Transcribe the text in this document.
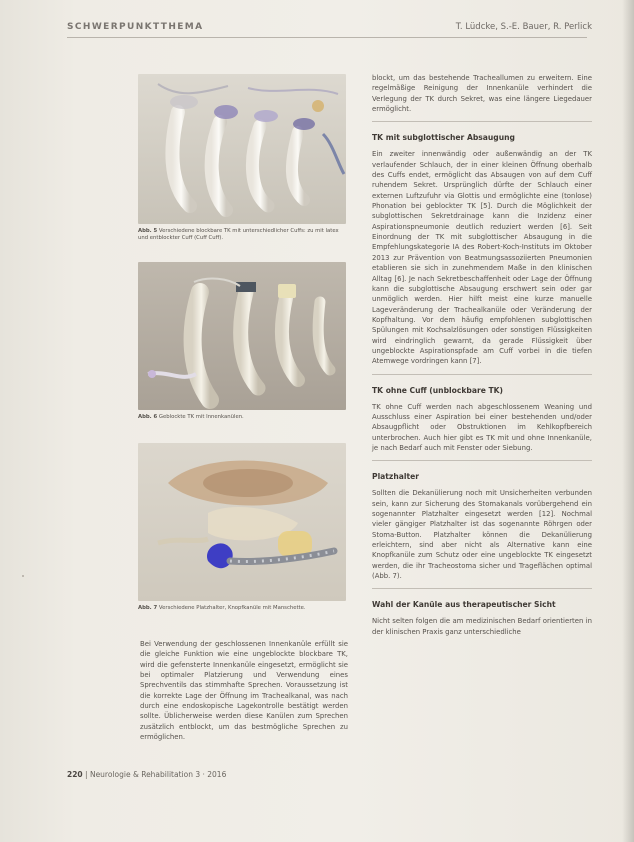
SCHWERPUNKTTHEMA	T. Lüdcke, S.-E. Bauer, R. Perlick
Abb. 5 Verschiedene blockbare TK mit unterschiedlicher Cuffs: zu mit latex und entblockter Cuff (Cuff Cuff).
Abb. 6 Geblockte TK mit Innenkanülen.
Abb. 7 Verschiedene Platzhalter, Knopfkanüle mit Manschette.

Bei Verwendung der geschlossenen Innenkanüle erfüllt sie die gleiche Funktion wie eine ungeblockte blockbare TK, wird die gefensterte Innenkanüle eingesetzt, ermöglicht sie bei optimaler Platzierung und Verwendung eines Sprechventils das stimmhafte Sprechen. Voraussetzung ist die korrekte Lage der Öffnung im Trachealkanal, was nach durch eine endoskopische Lagekontrolle bestätigt werden sollte. Üblicherweise werden diese Kanülen zum Sprechen zusätzlich entblockt, um das bestmögliche Sprechen zu ermöglichen.

blockt, um das bestehende Tracheallumen zu erweitern. Eine regelmäßige Reinigung der Innenkanüle verhindert die Verlegung der TK durch Sekret, was eine längere Liegedauer ermöglicht.

TK mit subglottischer Absaugung

Ein zweiter innenwändig oder außenwändig an der TK verlaufender Schlauch, der in einer kleinen Öffnung oberhalb des Cuffs endet, ermöglicht das Absaugen von auf dem Cuff ruhendem Sekret. Ursprünglich dürfte der Schlauch einer externen Luftzufuhr via Glottis und ermöglichte eine (tonlose) Phonation bei geblockter TK [5]. Durch die Möglichkeit der subglottischen Sekretdrainage kann die Inzidenz einer Aspirationspneumonie deutlich reduziert werden [6]. Seit Einordnung der TK mit subglottischer Absaugung in die Empfehlungskategorie IA des Robert-Koch-Instituts im Oktober 2013 zur Prävention von Beatmungsassoziierten Pneumonien etablieren sie sich in zunehmendem Maße in den klinischen Alltag [6]. Je nach Sekretbeschaffenheit oder Lage der Öffnung kann die subglottische Absaugung erschwert sein oder gar unmöglich werden. Hier hilft meist eine kurze manuelle Lageveränderung der Trachealkanüle oder Veränderung der Kopfhaltung. Vor dem häufig empfohlenen subglottischen Spülungen mit Kochsalzlösungen oder sonstigen Flüssigkeiten wird eindringlich gewarnt, da gerade Flüssigkeit über ungeblockte Aspirationspfade am Cuff vorbei in die tiefen Atemwege vordringen kann [7].

TK ohne Cuff (unblockbare TK)

TK ohne Cuff werden nach abgeschlossenem Weaning und Ausschluss einer Aspiration bei einer bestehenden und/oder Absaugpflicht oder Obstruktionen im Kehlkopfbereich unterbrochen. Auch hier gibt es TK mit und ohne Innenkanüle, je nach Bedarf auch mit Fenster oder Siebung.

Platzhalter

Sollten die Dekanülierung noch mit Unsicherheiten verbunden sein, kann zur Sicherung des Stomakanals vorübergehend ein sogenannter Platzhalter eingesetzt werden [12]. Nochmal vieler gängiger Platzhalter ist das sogenannte Röhrgen oder Stoma-Button. Platzhalter können die Dekanülierung erleichtern, sind aber nicht als Alternative kann eine Knopfkanüle zum Schutz oder eine ungeblockte TK eingesetzt werden, die ihr Tracheostoma sicher und Trageflächen optimal (Abb. 7).

Wahl der Kanüle aus therapeutischer Sicht

Nicht selten folgen die am medizinischen Bedarf orientierten in der klinischen Praxis ganz unterschiedliche

220 | Neurologie & Rehabilitation 3 · 2016
